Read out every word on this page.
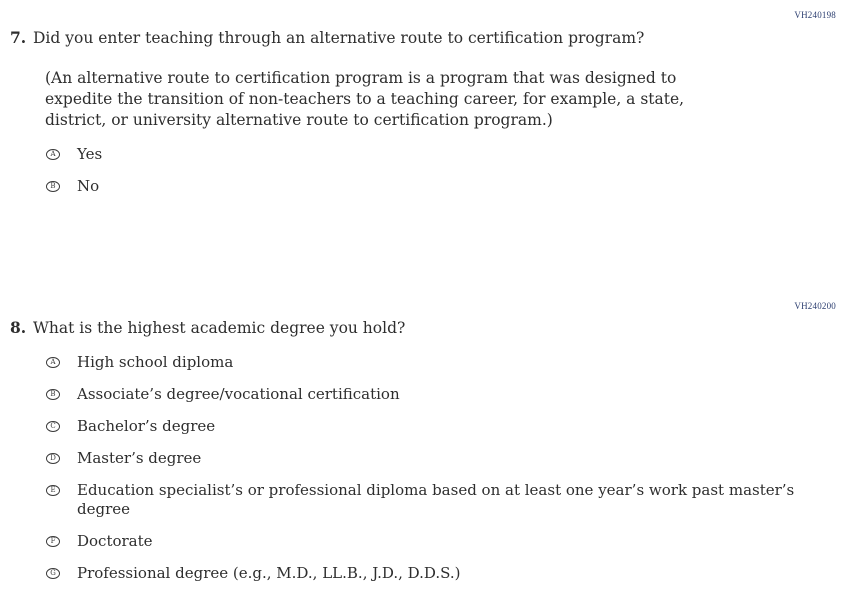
VH240198
7. Did you enter teaching through an alternative route to certification program?
(An alternative route to certification program is a program that was designed to
expedite the transition of non-teachers to a teaching career, for example, a state,
district, or university alternative route to certification program.)
A Yes
B No
VH240200
8. What is the highest academic degree you hold?
A High school diploma
B Associate’s degree/vocational certification
C Bachelor’s degree
D Master’s degree
E Education specialist’s or professional diploma based on at least one year’s work past master’s degree
F	Doctorate
G Professional degree (e.g., M.D., LL.B., J.D., D.D.S.)
